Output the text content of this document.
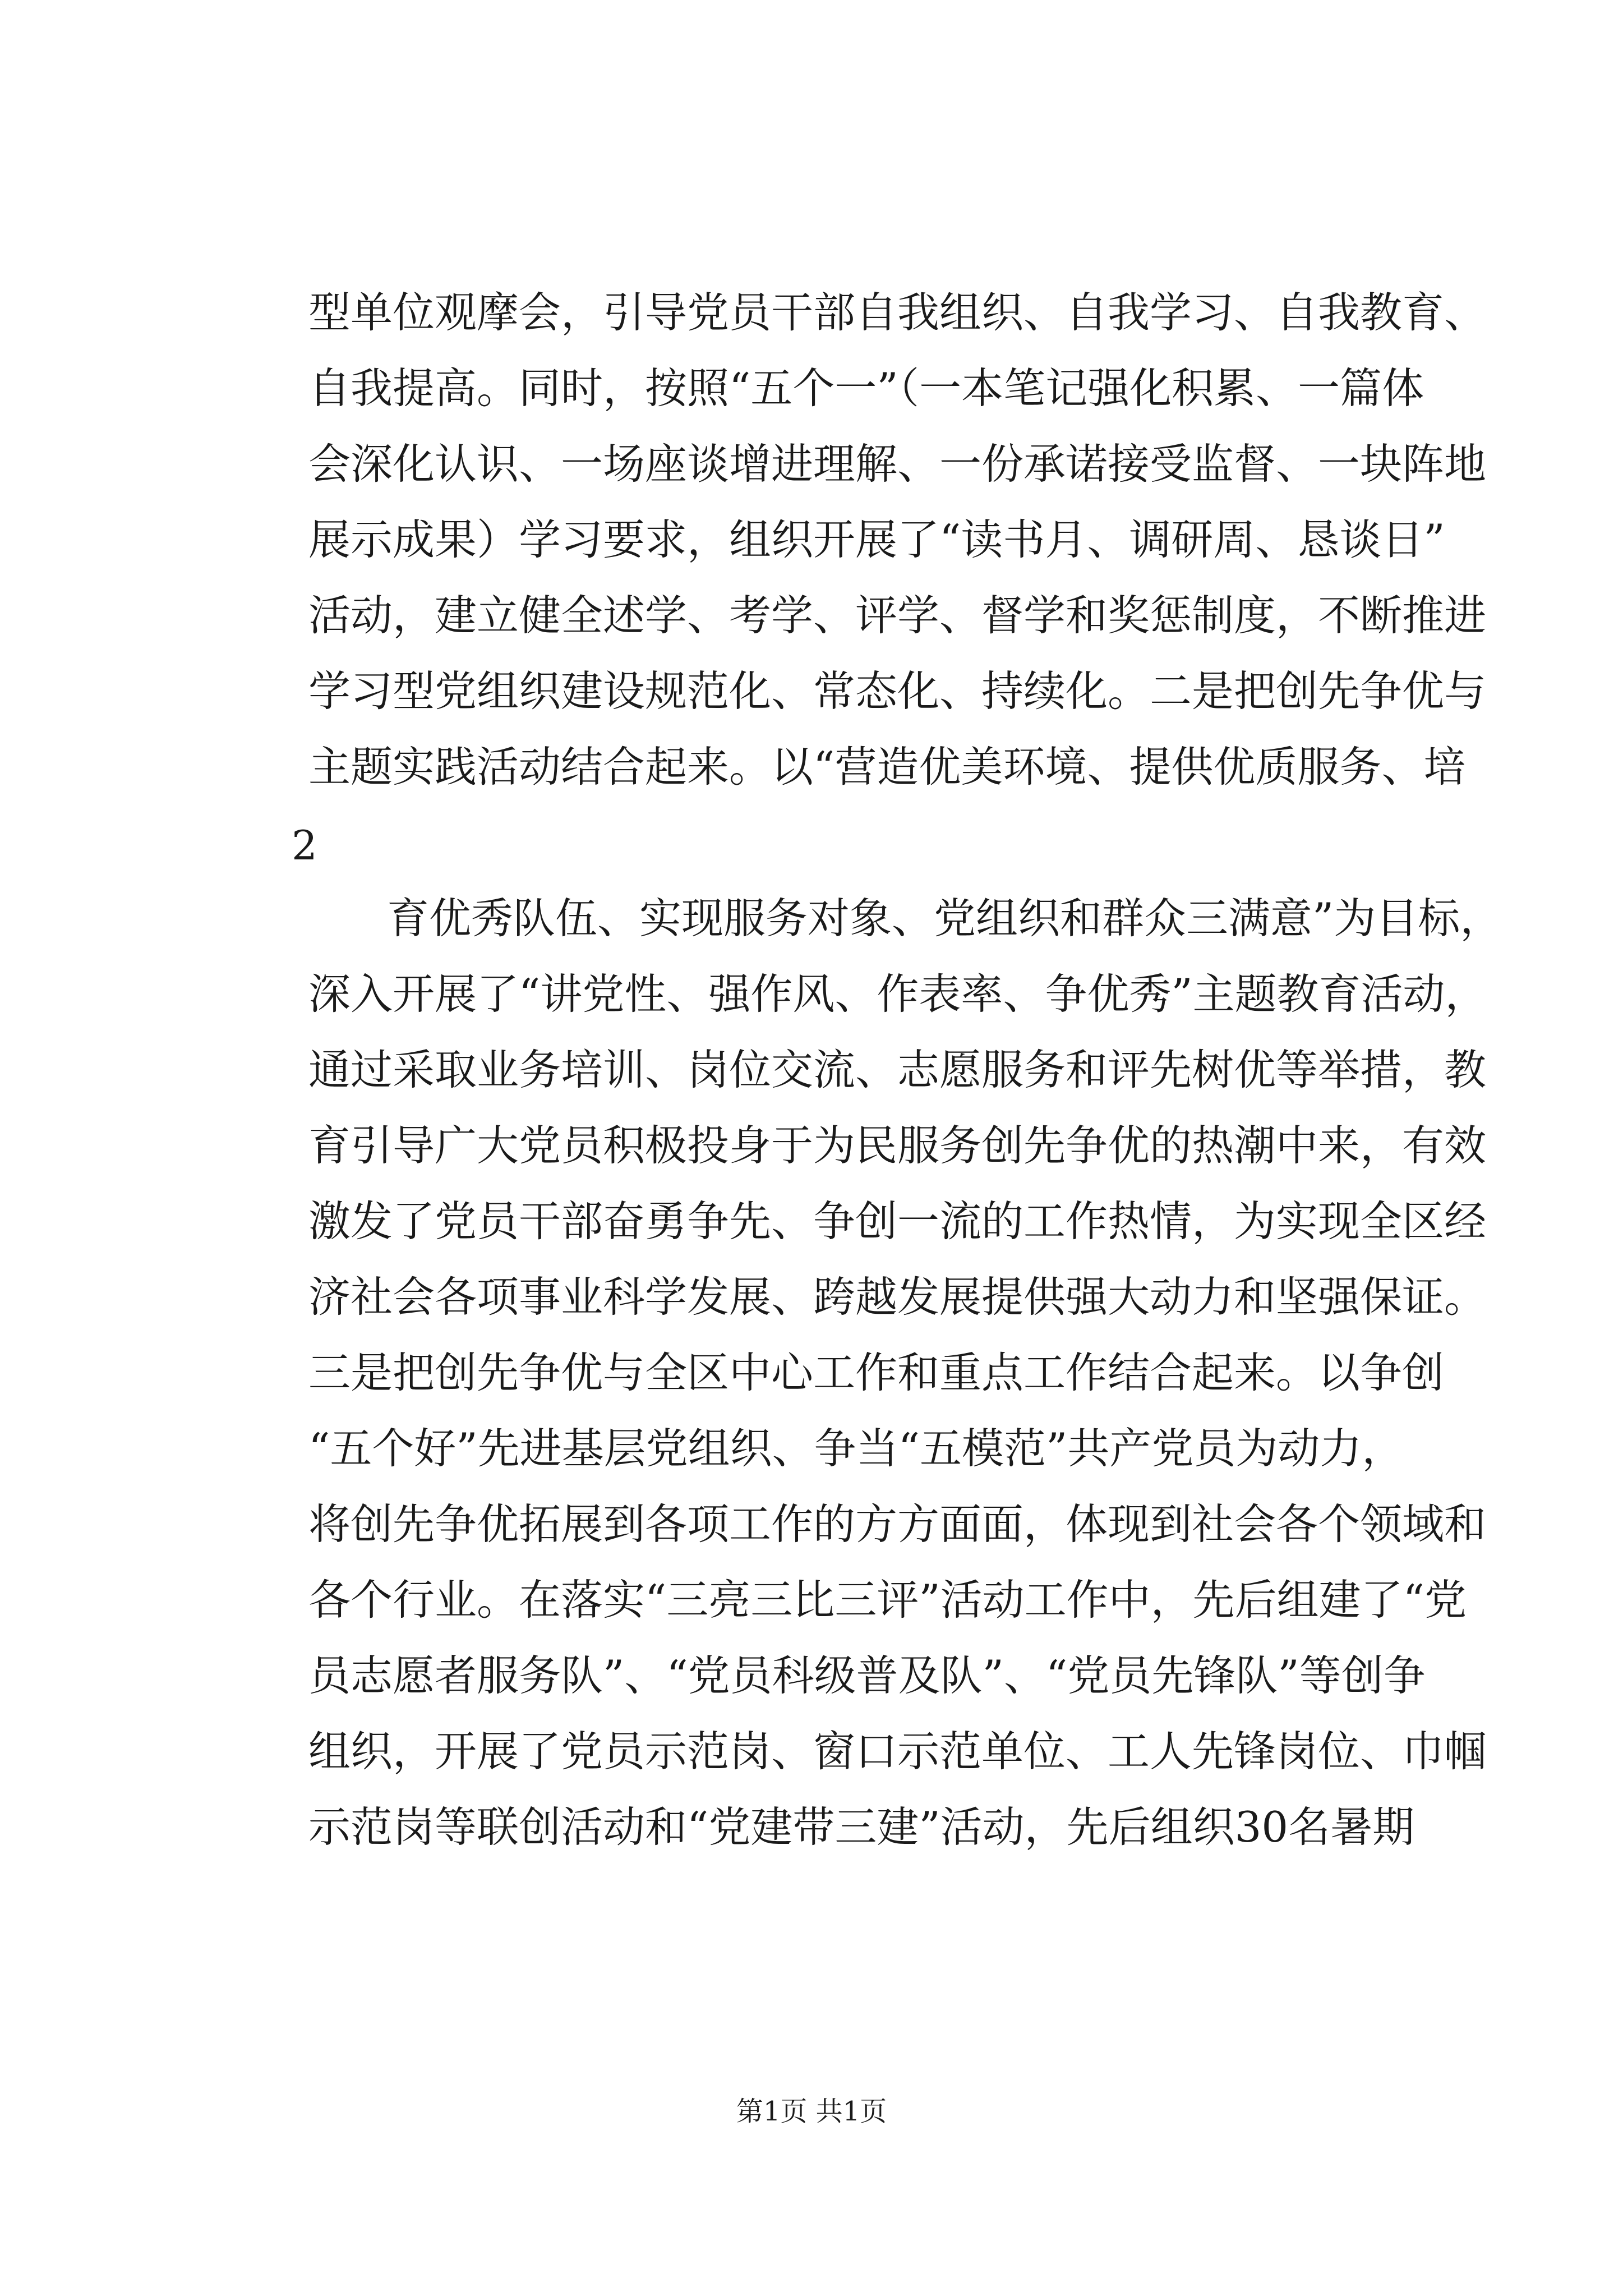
型单位观摩会，引导党员干部自我组织、自我学习、自我教育、
自我提高。同时，按照“五个一”（一本笔记强化积累、一篇体
会深化认识、一场座谈增进理解、一份承诺接受监督、一块阵地
展示成果）学习要求，组织开展了“读书月、调研周、恳谈日”
活动，建立健全述学、考学、评学、督学和奖惩制度，不断推进
学习型党组织建设规范化、常态化、持续化。二是把创先争优与
主题实践活动结合起来。以“营造优美环境、提供优质服务、培
2
育优秀队伍、实现服务对象、党组织和群众三满意”为目标，
深入开展了“讲党性、强作风、作表率、争优秀”主题教育活动，
通过采取业务培训、岗位交流、志愿服务和评先树优等举措，教
育引导广大党员积极投身于为民服务创先争优的热潮中来，有效
激发了党员干部奋勇争先、争创一流的工作热情，为实现全区经
济社会各项事业科学发展、跨越发展提供强大动力和坚强保证。
三是把创先争优与全区中心工作和重点工作结合起来。以争创
“五个好”先进基层党组织、争当“五模范”共产党员为动力，
将创先争优拓展到各项工作的方方面面，体现到社会各个领域和
各个行业。在落实“三亮三比三评”活动工作中，先后组建了“党
员志愿者服务队”、“党员科级普及队”、“党员先锋队”等创争
组织，开展了党员示范岗、窗口示范单位、工人先锋岗位、巾帼
示范岗等联创活动和“党建带三建”活动，先后组织30名暑期
第1页 共1页
